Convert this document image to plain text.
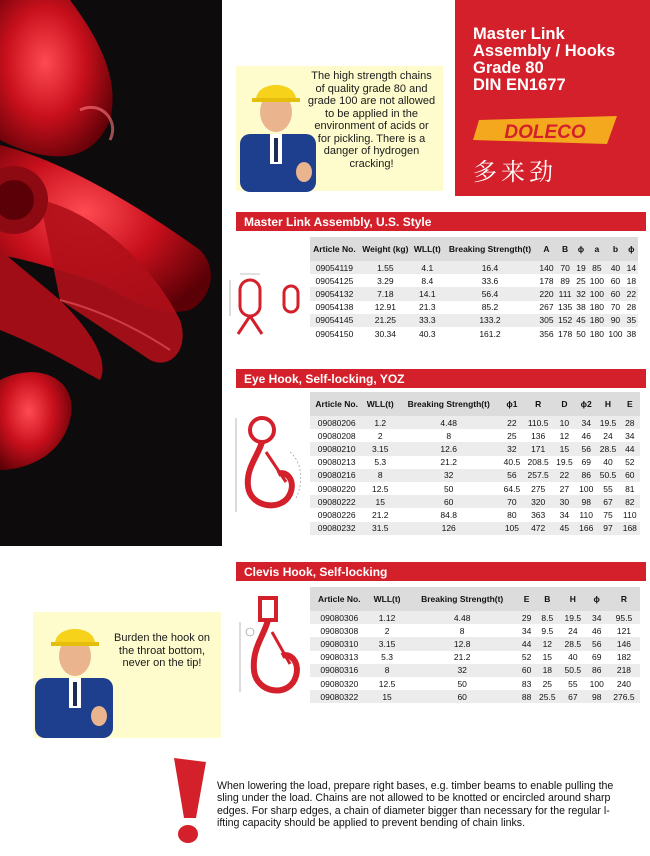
Master Link
Assembly / Hooks
Grade 80
DIN EN1677
DOLECO
多来劲

The high strength chains
of quality grade 80 and
grade 100 are not allowed
to be applied in the
environment of acids or
for pickling. There is a
danger of hydrogen
cracking!

Master Link Assembly, U.S. Style
Article No.	Weight (kg)	WLL(t)	Breaking Strength(t)	A	B	ϕ	a	b	ϕ
09054119	1.55	4.1	16.4	140	70	19	85	40	14
09054125	3.29	8.4	33.6	178	89	25	100	60	18
09054132	7.18	14.1	56.4	220	111	32	100	60	22
09054138	12.91	21.3	85.2	267	135	38	180	70	28
09054145	21.25	33.3	133.2	305	152	45	180	90	35
09054150	30.34	40.3	161.2	356	178	50	180	100	38
Eye Hook, Self-locking, YOZ
Article No.	WLL(t)	Breaking Strength(t)	ϕ1	R	D	ϕ2	H	E
09080206	1.2	4.48	22	110.5	10	34	19.5	28
09080208	2	8	25	136	12	46	24	34
09080210	3.15	12.6	32	171	15	56	28.5	44
09080213	5.3	21.2	40.5	208.5	19.5	69	40	52
09080216	8	32	56	257.5	22	86	50.5	60
09080220	12.5	50	64.5	275	27	100	55	81
09080222	15	60	70	320	30	98	67	82
09080226	21.2	84.8	80	363	34	110	75	110
09080232	31.5	126	105	472	45	166	97	168
Clevis Hook, Self-locking
Article No.	WLL(t)	Breaking Strength(t)	E	B	H	ϕ	R
09080306	1.12	4.48	29	8.5	19.5	34	95.5
09080308	2	8	34	9.5	24	46	121
09080310	3.15	12.8	44	12	28.5	56	146
09080313	5.3	21.2	52	15	40	69	182
09080316	8	32	60	18	50.5	86	218
09080320	12.5	50	83	25	55	100	240
09080322	15	60	88	25.5	67	98	276.5

Burden the hook on
the throat bottom,
never on the tip!

When lowering the load, prepare right bases, e.g. timber beams to enable pulling the
sling under the load. Chains are not allowed to be knotted or encircled around sharp
edges. For sharp edges, a chain of diameter bigger than necessary for the regular l-
ifting capacity should be applied to prevent bending of chain links.
